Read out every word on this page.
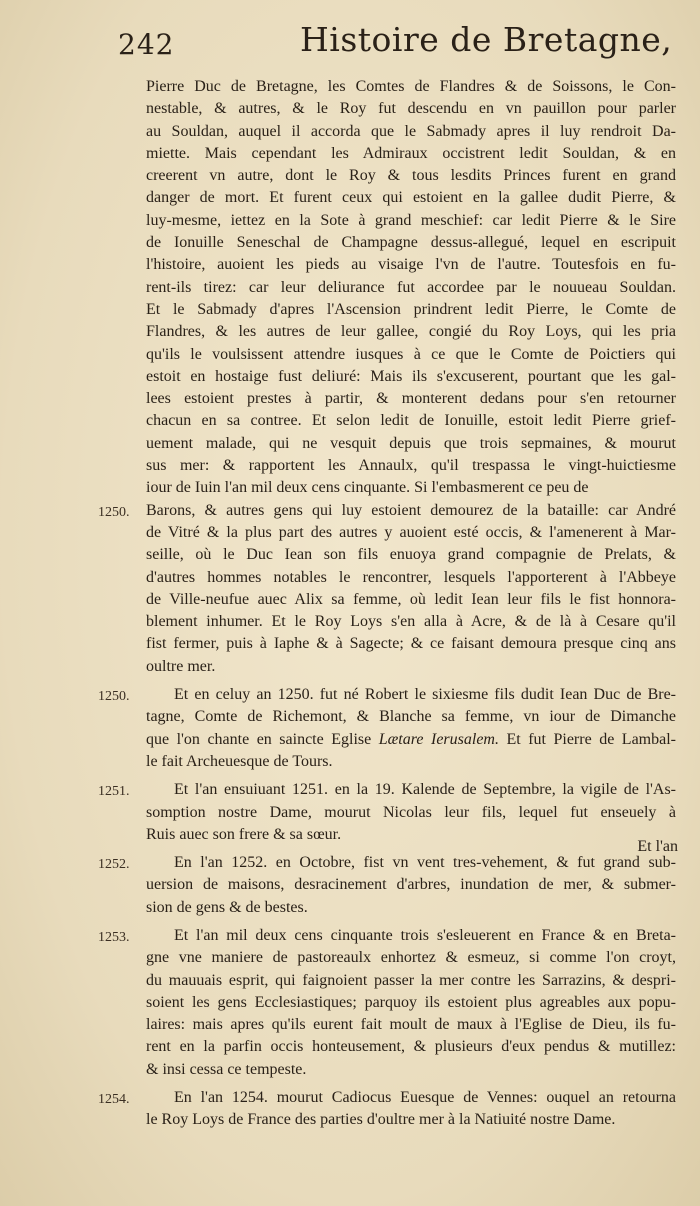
242	Histoire de Bretagne,
Pierre Duc de Bretagne, les Comtes de Flandres & de Soissons, le Con-
nestable, & autres, & le Roy fut descendu en vn pauillon pour parler
au Souldan, auquel il accorda que le Sabmady apres il luy rendroit Da-
miette. Mais cependant les Admiraux occistrent ledit Souldan, & en
creerent vn autre, dont le Roy & tous lesdits Princes furent en grand
danger de mort. Et furent ceux qui estoient en la gallee dudit Pierre, &
luy-mesme, iettez en la Sote à grand meschief: car ledit Pierre & le Sire
de Ionuille Seneschal de Champagne dessus-allegué, lequel en escripuit
l'histoire, auoient les pieds au visaige l'vn de l'autre. Toutesfois en fu-
rent-ils tirez: car leur deliurance fut accordee par le nouueau Souldan.
Et le Sabmady d'apres l'Ascension prindrent ledit Pierre, le Comte de
Flandres, & les autres de leur gallee, congié du Roy Loys, qui les pria
qu'ils le voulsissent attendre iusques à ce que le Comte de Poictiers qui
estoit en hostaige fust deliuré: Mais ils s'excuserent, pourtant que les gal-
lees estoient prestes à partir, & monterent dedans pour s'en retourner
chacun en sa contree. Et selon ledit de Ionuille, estoit ledit Pierre grief-
uement malade, qui ne vesquit depuis que trois sepmaines, & mourut
sus mer: & rapportent les Annaulx, qu'il trespassa le vingt-huictiesme
iour de Iuin l'an mil deux cens cinquante. Si l'embasmerent ce peu de
1250. Barons, & autres gens qui luy estoient demourez de la bataille: car André
de Vitré & la plus part des autres y auoient esté occis, & l'amenerent à Mar-
seille, où le Duc Iean son fils enuoya grand compagnie de Prelats, &
d'autres hommes notables le rencontrer, lesquels l'apporterent à l'Abbeye
de Ville-neufue auec Alix sa femme, où ledit Iean leur fils le fist honnora-
blement inhumer. Et le Roy Loys s'en alla à Acre, & de là à Cesare qu'il
fist fermer, puis à Iaphe & à Sagecte; & ce faisant demoura presque cinq ans
oultre mer.
1250.	Et en celuy an 1250. fut né Robert le sixiesme fils dudit Iean Duc de Bre-
tagne, Comte de Richemont, & Blanche sa femme, vn iour de Dimanche
que l'on chante en saincte Eglise Lætare Ierusalem. Et fut Pierre de Lambal-
le fait Archeuesque de Tours.
1251.	Et l'an ensuiuant 1251. en la 19. Kalende de Septembre, la vigile de l'As-
somption nostre Dame, mourut Nicolas leur fils, lequel fut enseuely à
Ruis auec son frere & sa sœur.
1252.	En l'an 1252. en Octobre, fist vn vent tres-vehement, & fut grand sub-
uersion de maisons, desracinement d'arbres, inundation de mer, & submer-
sion de gens & de bestes.
1253.	Et l'an mil deux cens cinquante trois s'esleuerent en France & en Breta-
gne vne maniere de pastoreaulx enhortez & esmeuz, si comme l'on croyt,
du mauuais esprit, qui faignoient passer la mer contre les Sarrazins, & despri-
soient les gens Ecclesiastiques; parquoy ils estoient plus agreables aux popu-
laires: mais apres qu'ils eurent fait moult de maux à l'Eglise de Dieu, ils fu-
rent en la parfin occis honteusement, & plusieurs d'eux pendus & mutillez:
& insi cessa ce tempeste.
1254.	En l'an 1254. mourut Cadiocus Euesque de Vennes: ouquel an retourna
le Roy Loys de France des parties d'oultre mer à la Natiuité nostre Dame.
Et l'an
